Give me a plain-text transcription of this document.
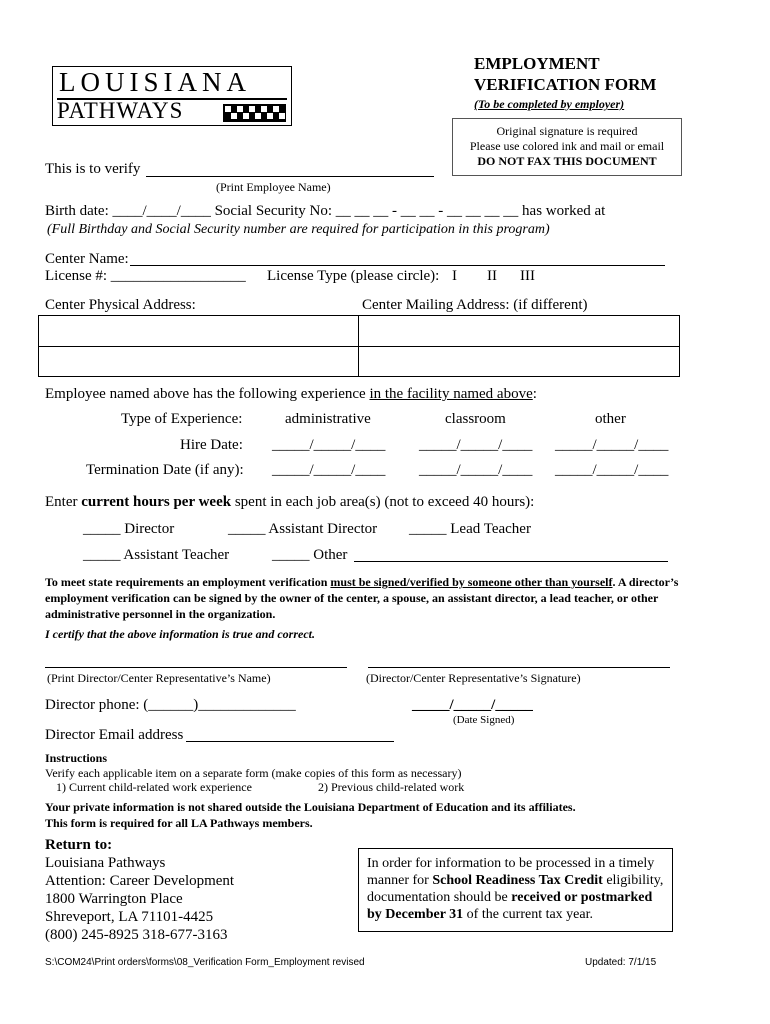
LOUISIANA
PATHWAYS
EMPLOYMENT
VERIFICATION FORM
(To be completed by employer)
Original signature is required
Please use colored ink and mail or email
DO NOT FAX THIS DOCUMENT
This is to verify
(Print Employee Name)
Birth date: ____/____/____ Social Security No: __ __ __ - __ __ - __ __ __ __ has worked at
(Full Birthday and Social Security number are required for participation in this program)
Center Name:
License #: __________________ License Type (please circle): I II III
Center Physical Address:	Center Mailing Address: (if different)
Employee named above has the following experience in the facility named above:
Type of Experience:	administrative	classroom	other
Hire Date: _____/_____/____ _____/_____/____ _____/_____/____
Termination Date (if any): _____/_____/____ _____/_____/____ _____/_____/____
Enter current hours per week spent in each job area(s) (not to exceed 40 hours):
_____ Director	_____ Assistant Director _____ Lead Teacher
_____ Assistant Teacher	_____ Other
To meet state requirements an employment verification must be signed/verified by someone other than yourself. A director’s
employment verification can be signed by the owner of the center, a spouse, an assistant director, a lead teacher, or other
administrative personnel in the organization.
I certify that the above information is true and correct.
(Print Director/Center Representative’s Name)	(Director/Center Representative’s Signature)
Director phone: (______)_____________	_____/_____/_____
(Date Signed)
Director Email address
Instructions
Verify each applicable item on a separate form (make copies of this form as necessary)
1) Current child-related work experience	2) Previous child-related work
Your private information is not shared outside the Louisiana Department of Education and its affiliates.
This form is required for all LA Pathways members.
Return to:
Louisiana Pathways
Attention: Career Development
1800 Warrington Place
Shreveport, LA 71101-4425
(800) 245-8925 318-677-3163
In order for information to be processed in a timely manner for School Readiness Tax Credit eligibility, documentation should be received or postmarked by December 31 of the current tax year.
S:\COM24\Print orders\forms\08_Verification Form_Employment revised	Updated: 7/1/15
